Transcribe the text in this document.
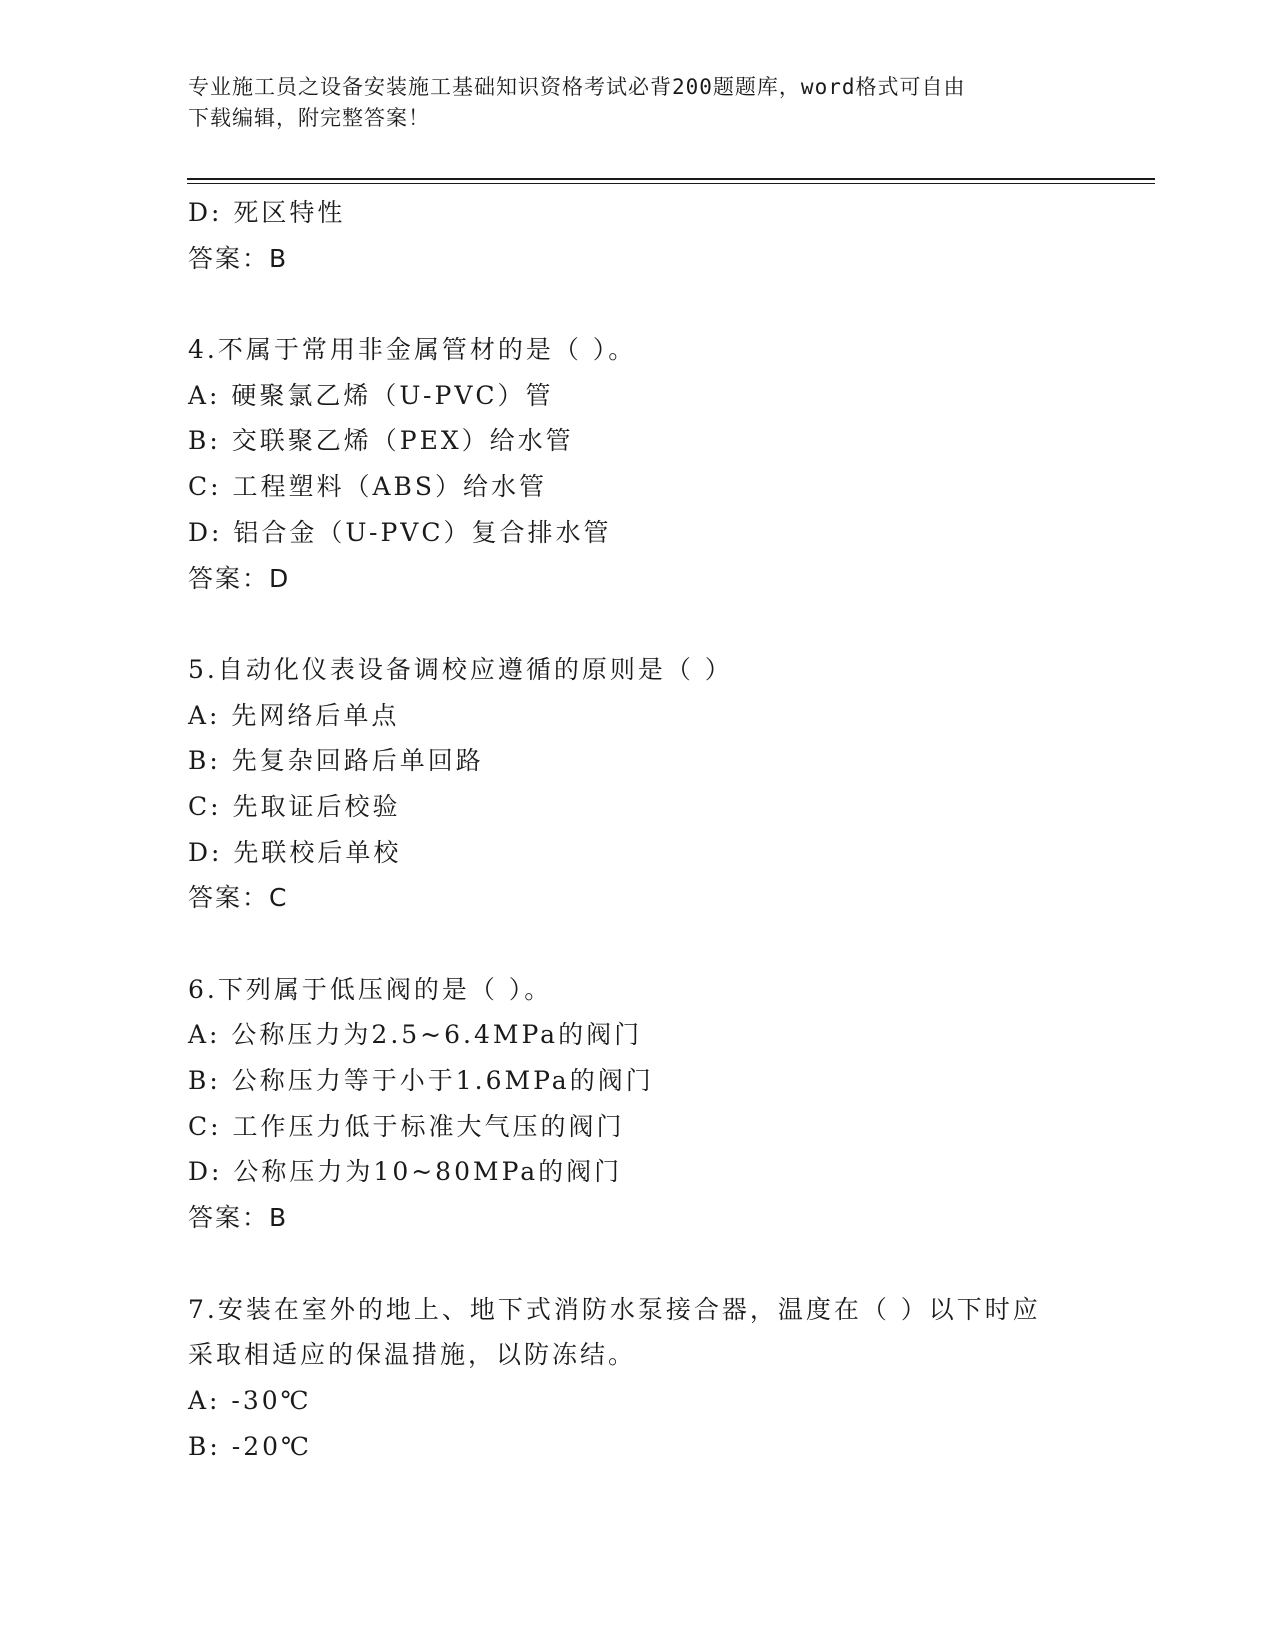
专业施工员之设备安装施工基础知识资格考试必背200题题库，word格式可自由
下载编辑，附完整答案！
D: 死区特性
答案：B
4.不属于常用非金属管材的是（ ）。
A: 硬聚氯乙烯（U-PVC）管
B: 交联聚乙烯（PEX）给水管
C: 工程塑料（ABS）给水管
D: 铝合金（U-PVC）复合排水管
答案：D
5.自动化仪表设备调校应遵循的原则是（ ）
A: 先网络后单点
B: 先复杂回路后单回路
C: 先取证后校验
D: 先联校后单校
答案：C
6.下列属于低压阀的是（ ）。
A: 公称压力为2.5~6.4MPa的阀门
B: 公称压力等于小于1.6MPa的阀门
C: 工作压力低于标准大气压的阀门
D: 公称压力为10~80MPa的阀门
答案：B
7.安装在室外的地上、地下式消防水泵接合器，温度在（ ）以下时应
采取相适应的保温措施，以防冻结。
A: -30℃
B: -20℃
